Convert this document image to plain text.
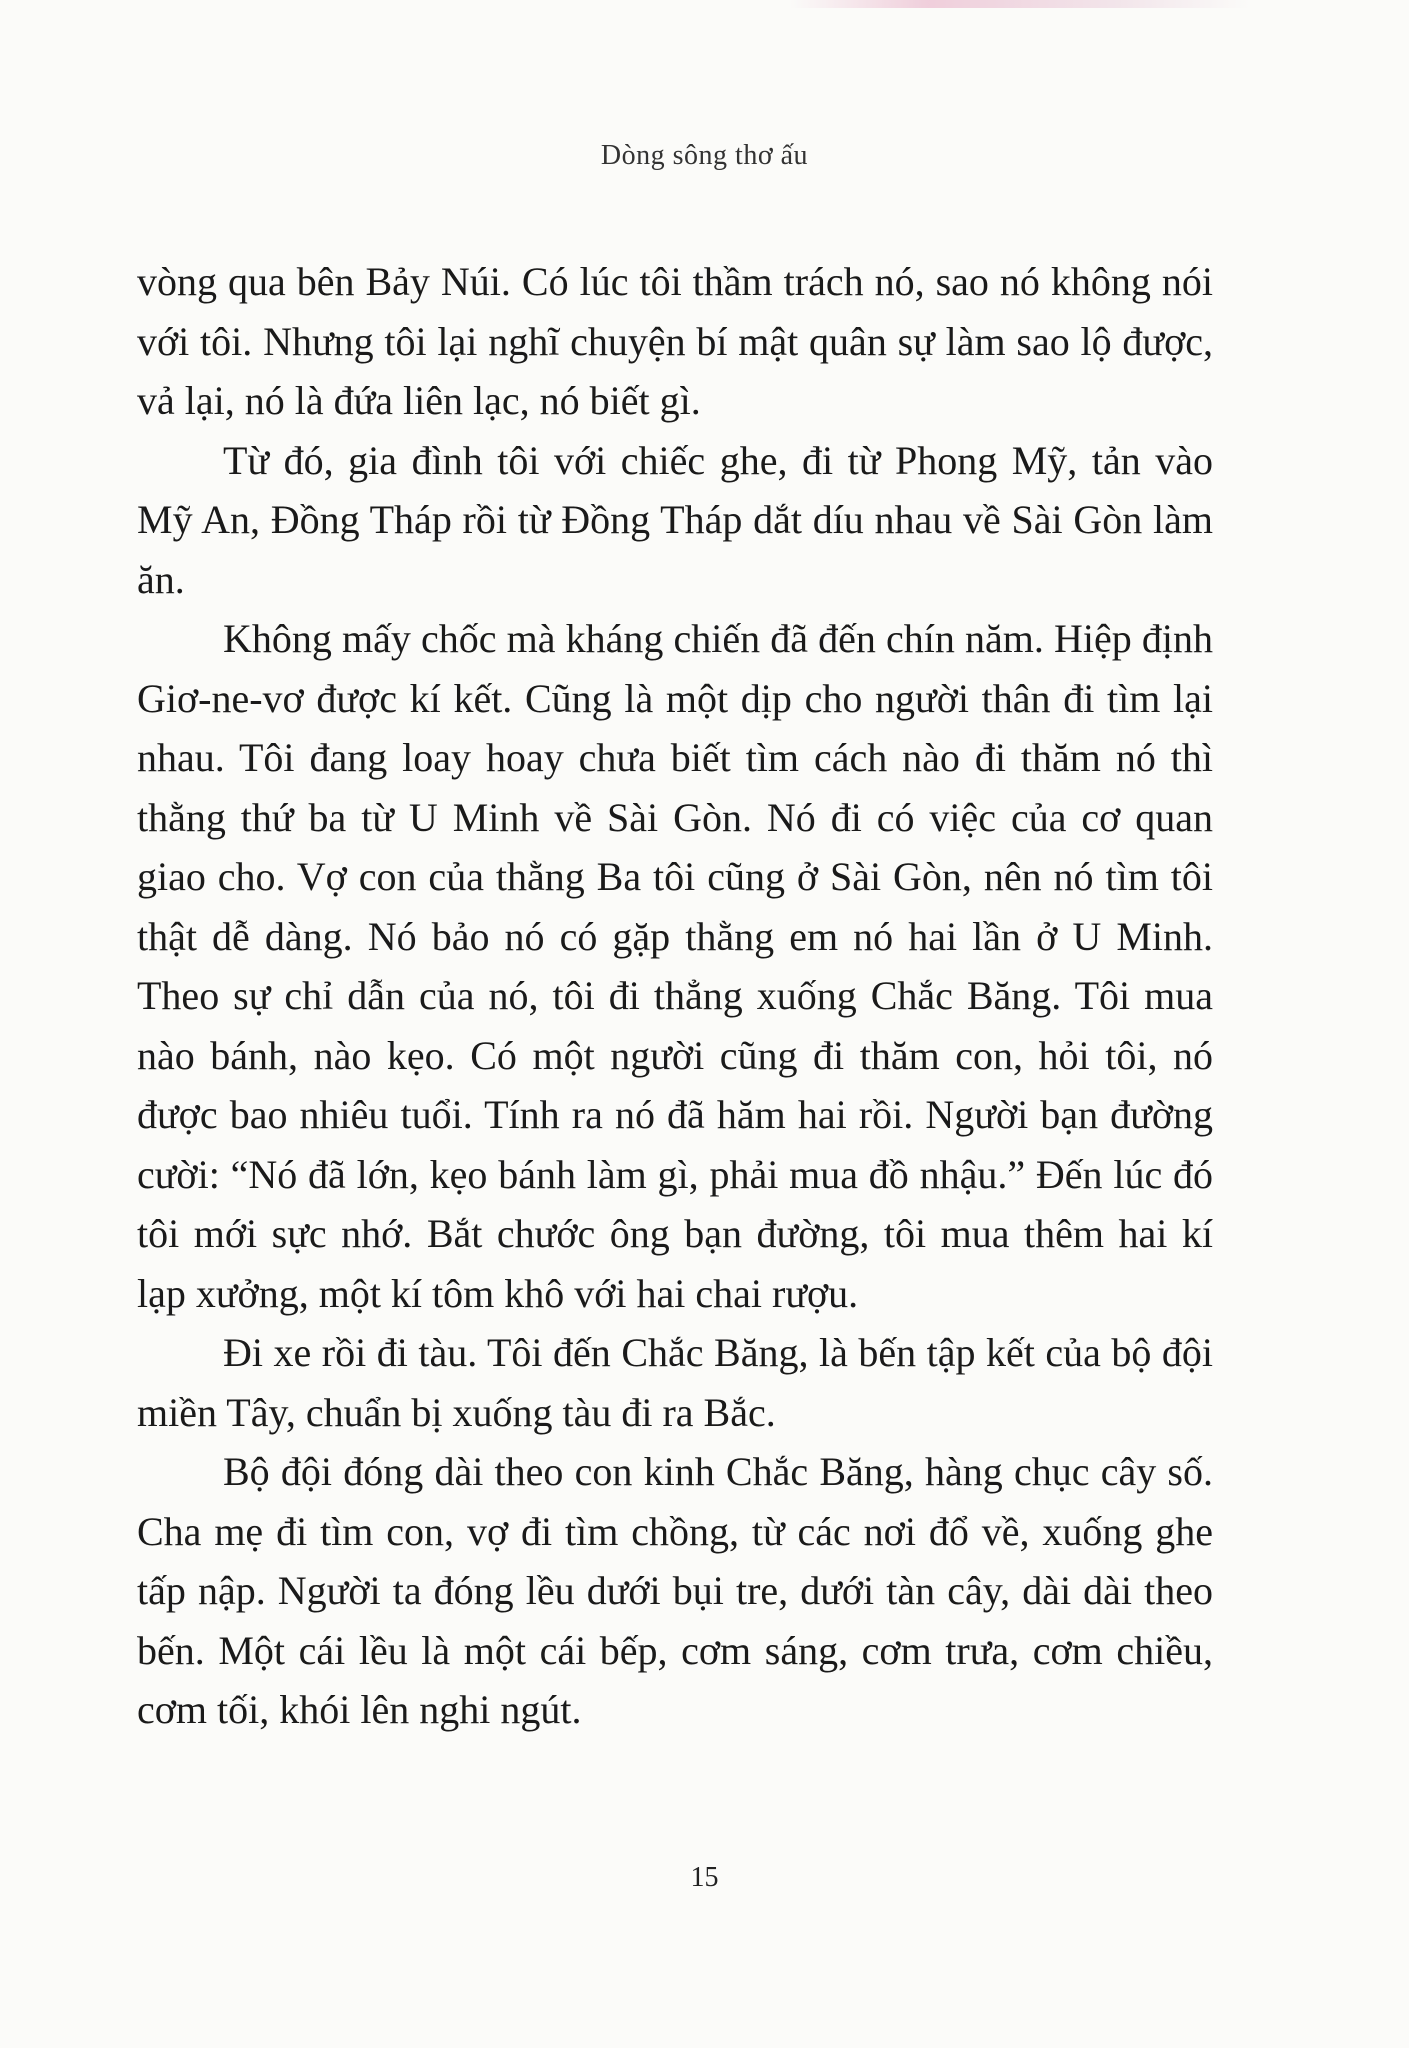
Dòng sông thơ ấu

vòng qua bên Bảy Núi. Có lúc tôi thầm trách nó, sao nó không nói với tôi. Nhưng tôi lại nghĩ chuyện bí mật quân sự làm sao lộ được, vả lại, nó là đứa liên lạc, nó biết gì.

Từ đó, gia đình tôi với chiếc ghe, đi từ Phong Mỹ, tản vào Mỹ An, Đồng Tháp rồi từ Đồng Tháp dắt díu nhau về Sài Gòn làm ăn.

Không mấy chốc mà kháng chiến đã đến chín năm. Hiệp định Giơ-ne-vơ được kí kết. Cũng là một dịp cho người thân đi tìm lại nhau. Tôi đang loay hoay chưa biết tìm cách nào đi thăm nó thì thằng thứ ba từ U Minh về Sài Gòn. Nó đi có việc của cơ quan giao cho. Vợ con của thằng Ba tôi cũng ở Sài Gòn, nên nó tìm tôi thật dễ dàng. Nó bảo nó có gặp thằng em nó hai lần ở U Minh. Theo sự chỉ dẫn của nó, tôi đi thẳng xuống Chắc Băng. Tôi mua nào bánh, nào kẹo. Có một người cũng đi thăm con, hỏi tôi, nó được bao nhiêu tuổi. Tính ra nó đã hăm hai rồi. Người bạn đường cười: “Nó đã lớn, kẹo bánh làm gì, phải mua đồ nhậu.” Đến lúc đó tôi mới sực nhớ. Bắt chước ông bạn đường, tôi mua thêm hai kí lạp xưởng, một kí tôm khô với hai chai rượu.

Đi xe rồi đi tàu. Tôi đến Chắc Băng, là bến tập kết của bộ đội miền Tây, chuẩn bị xuống tàu đi ra Bắc.

Bộ đội đóng dài theo con kinh Chắc Băng, hàng chục cây số. Cha mẹ đi tìm con, vợ đi tìm chồng, từ các nơi đổ về, xuống ghe tấp nập. Người ta đóng lều dưới bụi tre, dưới tàn cây, dài dài theo bến. Một cái lều là một cái bếp, cơm sáng, cơm trưa, cơm chiều, cơm tối, khói lên nghi ngút.

15
